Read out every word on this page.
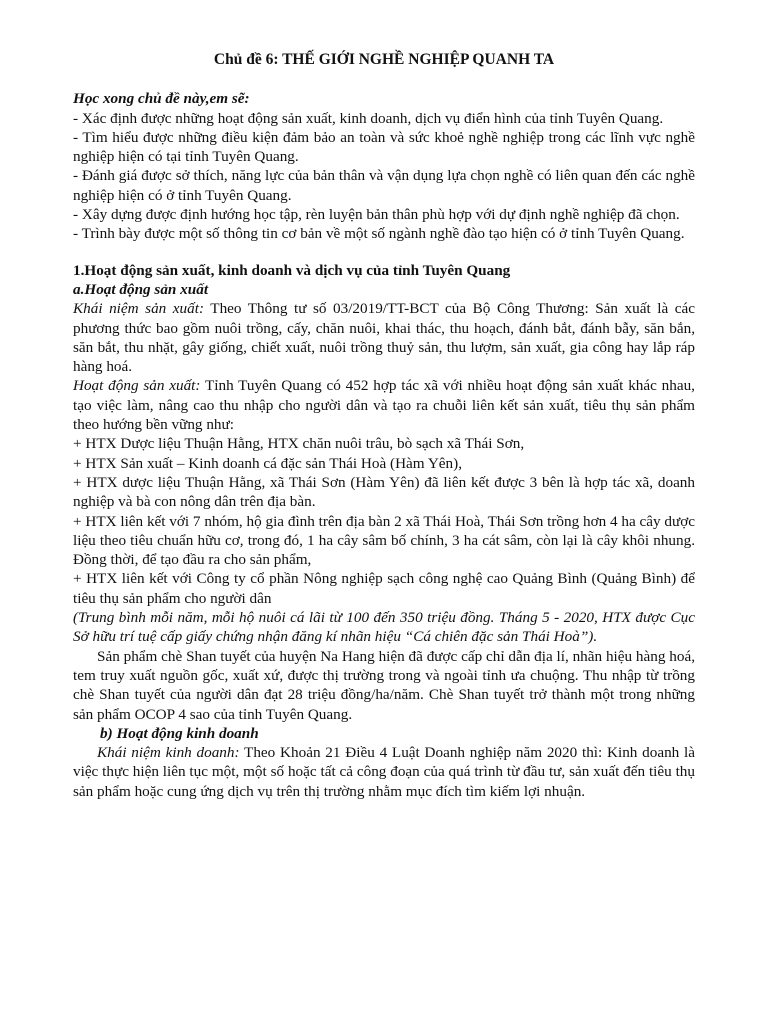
Chủ đề 6: THẾ GIỚI NGHỀ NGHIỆP QUANH TA

Học xong chủ đề này,em sẽ:

- Xác định được những hoạt động sản xuất, kinh doanh, dịch vụ điển hình của tỉnh Tuyên Quang.

- Tìm hiểu được những điều kiện đảm bảo an toàn và sức khoẻ nghề nghiệp trong các lĩnh vực nghề nghiệp hiện có tại tỉnh Tuyên Quang.

- Đánh giá được sở thích, năng lực của bản thân và vận dụng lựa chọn nghề có liên quan đến các nghề nghiệp hiện có ở tỉnh Tuyên Quang.

- Xây dựng được định hướng học tập, rèn luyện bản thân phù hợp với dự định nghề nghiệp đã chọn.

- Trình bày được một số thông tin cơ bản về một số ngành nghề đào tạo hiện có ở tỉnh Tuyên Quang.

1.Hoạt động sản xuất, kinh doanh và dịch vụ của tỉnh Tuyên Quang

a.Hoạt động sản xuất

Khái niệm sản xuất: Theo Thông tư số 03/2019/TT-BCT của Bộ Công Thương: Sản xuất là các phương thức bao gồm nuôi trồng, cấy, chăn nuôi, khai thác, thu hoạch, đánh bắt, đánh bẫy, săn bắn, săn bắt, thu nhặt, gây giống, chiết xuất, nuôi trồng thuỷ sản, thu lượm, sản xuất, gia công hay lắp ráp hàng hoá.

Hoạt động sản xuất: Tỉnh Tuyên Quang có 452 hợp tác xã với nhiều hoạt động sản xuất khác nhau, tạo việc làm, nâng cao thu nhập cho người dân và tạo ra chuỗi liên kết sản xuất, tiêu thụ sản phẩm theo hướng bền vững như:

+ HTX Dược liệu Thuận Hằng, HTX chăn nuôi trâu, bò sạch xã Thái Sơn,

+ HTX Sản xuất – Kinh doanh cá đặc sản Thái Hoà (Hàm Yên),

+ HTX dược liệu Thuận Hằng, xã Thái Sơn (Hàm Yên) đã liên kết được 3 bên là hợp tác xã, doanh nghiệp và bà con nông dân trên địa bàn.

+ HTX liên kết với 7 nhóm, hộ gia đình trên địa bàn 2 xã Thái Hoà, Thái Sơn trồng hơn 4 ha cây dược liệu theo tiêu chuẩn hữu cơ, trong đó, 1 ha cây sâm bố chính, 3 ha cát sâm, còn lại là cây khôi nhung. Đồng thời, để tạo đầu ra cho sản phẩm,

+ HTX liên kết với Công ty cổ phần Nông nghiệp sạch công nghệ cao Quảng Bình (Quảng Bình) để tiêu thụ sản phẩm cho người dân

(Trung bình mỗi năm, mỗi hộ nuôi cá lãi từ 100 đến 350 triệu đồng. Tháng 5 - 2020, HTX được Cục Sở hữu trí tuệ cấp giấy chứng nhận đăng kí nhãn hiệu “Cá chiên đặc sản Thái Hoà”).

Sản phẩm chè Shan tuyết của huyện Na Hang hiện đã được cấp chỉ dẫn địa lí, nhãn hiệu hàng hoá, tem truy xuất nguồn gốc, xuất xứ, được thị trường trong và ngoài tỉnh ưa chuộng. Thu nhập từ trồng chè Shan tuyết của người dân đạt 28 triệu đồng/ha/năm. Chè Shan tuyết trở thành một trong những sản phẩm OCOP 4 sao của tỉnh Tuyên Quang.

b) Hoạt động kinh doanh

Khái niệm kinh doanh: Theo Khoản 21 Điều 4 Luật Doanh nghiệp năm 2020 thì: Kinh doanh là việc thực hiện liên tục một, một số hoặc tất cả công đoạn của quá trình từ đầu tư, sản xuất đến tiêu thụ sản phẩm hoặc cung ứng dịch vụ trên thị trường nhằm mục đích tìm kiếm lợi nhuận.
